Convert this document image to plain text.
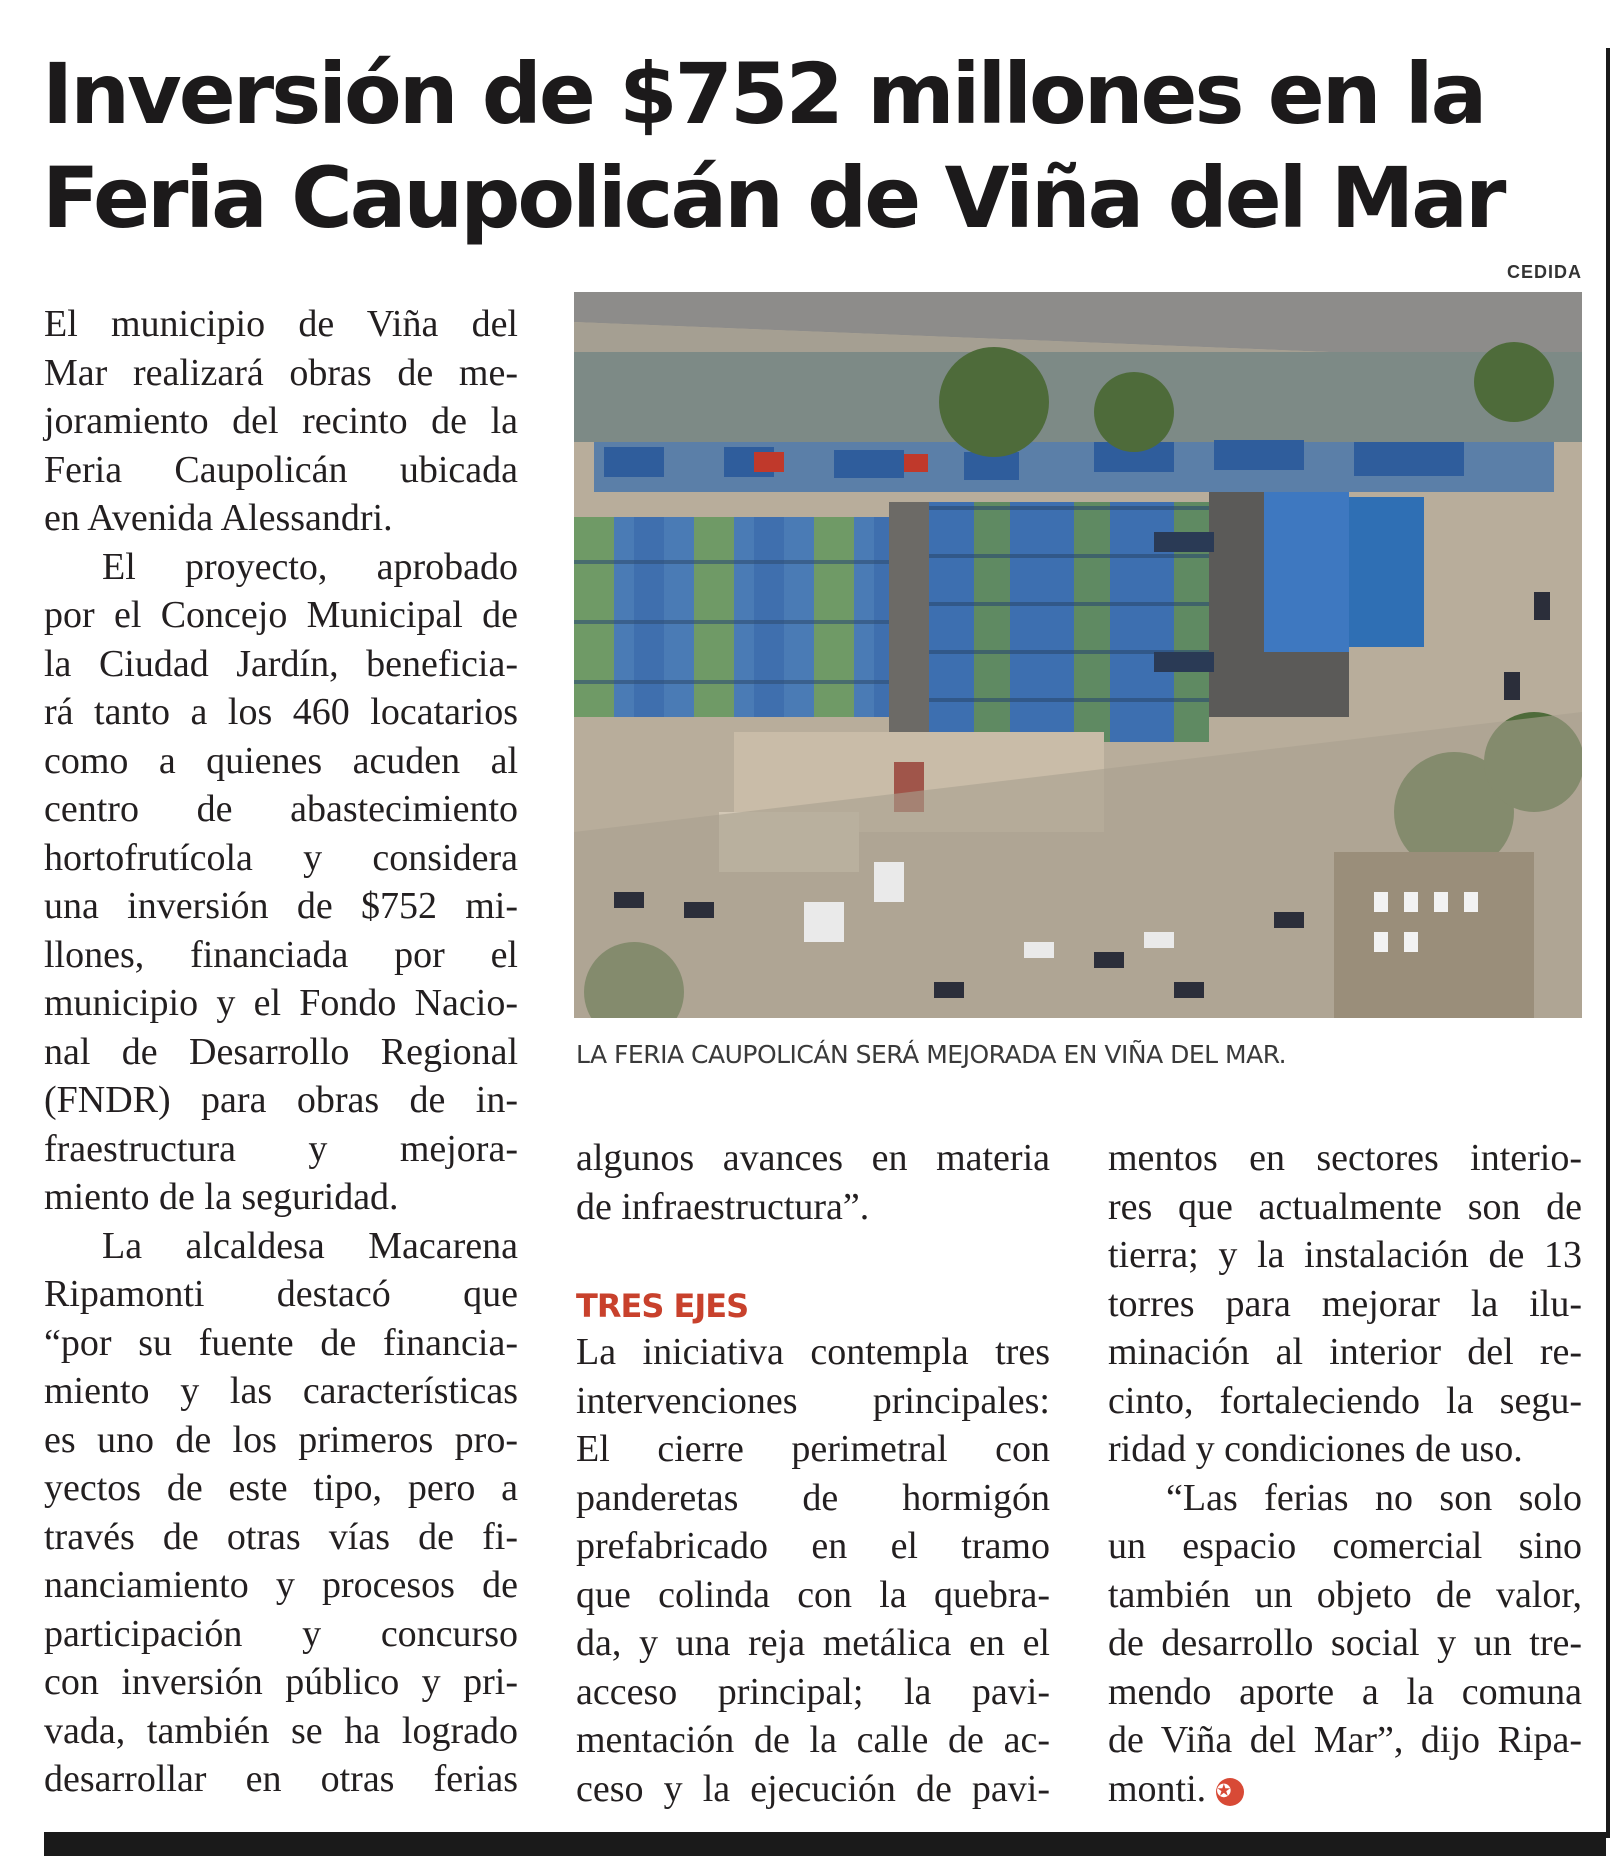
Inversión de $752 millones en la
Feria Caupolicán de Viña del Mar
CEDIDA
LA FERIA CAUPOLICÁN SERÁ MEJORADA EN VIÑA DEL MAR.
El municipio de Viña del
Mar realizará obras de me-
joramiento del recinto de la
Feria Caupolicán ubicada
en Avenida Alessandri.
El proyecto, aprobado
por el Concejo Municipal de
la Ciudad Jardín, beneficia-
rá tanto a los 460 locatarios
como a quienes acuden al
centro de abastecimiento
hortofrutícola y considera
una inversión de $752 mi-
llones, financiada por el
municipio y el Fondo Nacio-
nal de Desarrollo Regional
(FNDR) para obras de in-
fraestructura y mejora-
miento de la seguridad.
La alcaldesa Macarena
Ripamonti destacó que
“por su fuente de financia-
miento y las características
es uno de los primeros pro-
yectos de este tipo, pero a
través de otras vías de fi-
nanciamiento y procesos de
participación y concurso
con inversión público y pri-
vada, también se ha logrado
desarrollar en otras ferias
algunos avances en materia
de infraestructura”.
TRES EJES
La iniciativa contempla tres
intervenciones principales:
El cierre perimetral con
panderetas de hormigón
prefabricado en el tramo
que colinda con la quebra-
da, y una reja metálica en el
acceso principal; la pavi-
mentación de la calle de ac-
ceso y la ejecución de pavi-
mentos en sectores interio-
res que actualmente son de
tierra; y la instalación de 13
torres para mejorar la ilu-
minación al interior del re-
cinto, fortaleciendo la segu-
ridad y condiciones de uso.
“Las ferias no son solo
un espacio comercial sino
también un objeto de valor,
de desarrollo social y un tre-
mendo aporte a la comuna
de Viña del Mar”, dijo Ripa-
monti. ✪
